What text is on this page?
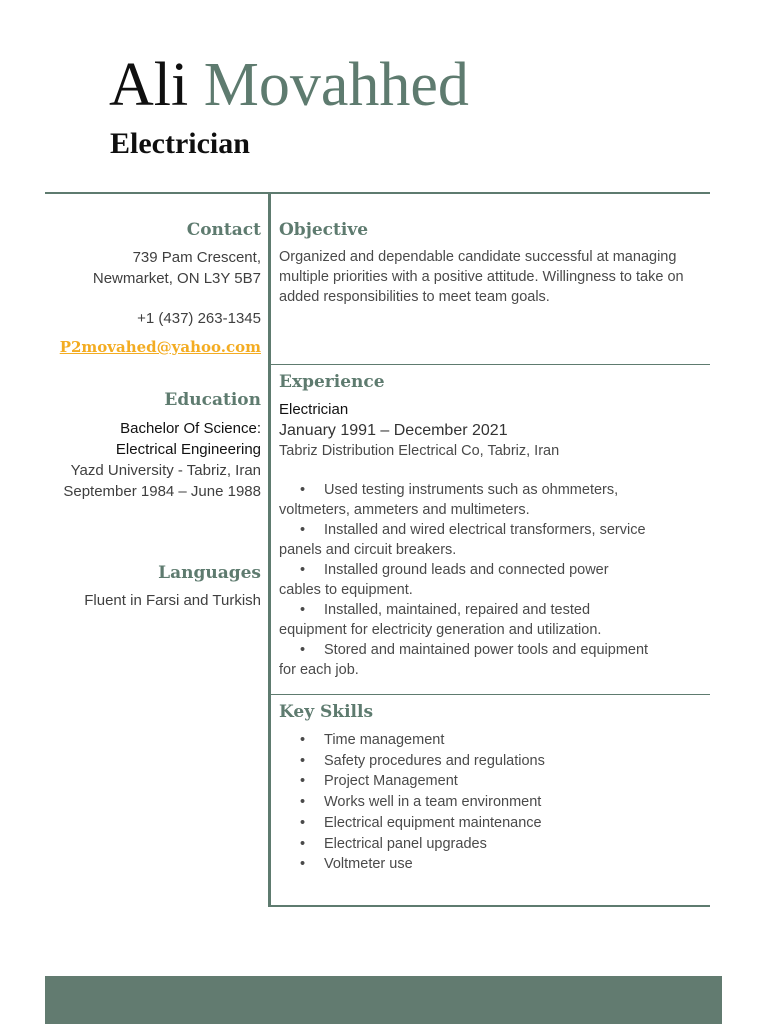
Ali Movahhed
Electrician
Contact
739 Pam Crescent,
Newmarket, ON L3Y 5B7
+1 (437) 263-1345
P2movahed@yahoo.com
Education
Bachelor Of Science:
Electrical Engineering
Yazd University - Tabriz, Iran
September 1984 – June 1988
Languages
Fluent in Farsi and Turkish
Objective

Organized and dependable candidate successful at managing

multiple priorities with a positive attitude. Willingness to take on

added responsibilities to meet team goals.

Experience
Electrician
January 1991 – December 2021
Tabriz Distribution Electrical Co, Tabriz, Iran

• Used testing instruments such as ohmmeters,

voltmeters, ammeters and multimeters.

• Installed and wired electrical transformers, service

panels and circuit breakers.

• Installed ground leads and connected power

cables to equipment.

• Installed, maintained, repaired and tested

equipment for electricity generation and utilization.

• Stored and maintained power tools and equipment

for each job.

Key Skills
• Time management
• Safety procedures and regulations
• Project Management
• Works well in a team environment
• Electrical equipment maintenance
• Electrical panel upgrades
• Voltmeter use
